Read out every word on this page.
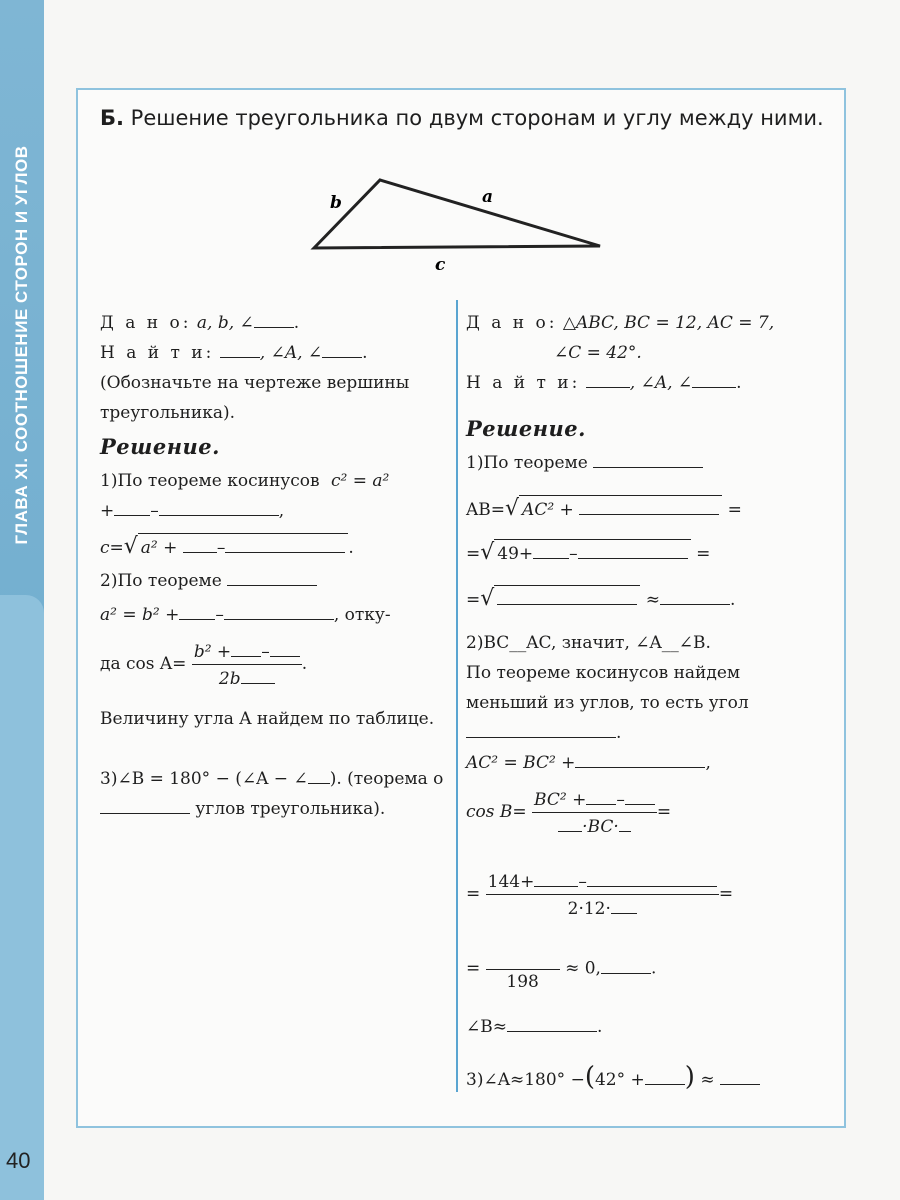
ГЛАВА XI. СООТНОШЕНИЕ СТОРОН И УГЛОВ
40
Б. Решение треугольника по двум сторонам и углу между ними.
b	a
c
Д а н о: a, b, ∠ .
Н а й т и:	, ∠A, ∠ .
(Обозначьте на чертеже вершины треугольника).
Решение.
1)По теореме косинусов c² = a²
+ –	,
c=√ a² + –	.
2)По теореме
a² = b² + –	, отку-
да $\cos A= \frac{\text{b² + –}}{2b}$ .
Величину угла A найдем по таблице.
3)∠B = 180° − (∠A − ∠ ). (теорема о
углов треугольника).
Д а н о: △ABC, BC = 12, AC = 7,
∠C = 42°.
Н а й т и:	, ∠A, ∠	.
Решение.
1)По теореме
AB=√ AC² +	=
=√ 49+ –	=
=√	≈	.
2)BC__AC, значит, ∠A__∠B.
По теореме косинусов найдем
меньший из углов, то есть угол
.
AC² = BC² +	,
$\cos B= \frac{\text{BC² + –}}{\cdot BC\cdot}$ =
= 144+	–
2·12· =
=
198
≈ 0,	.
∠B≈	.
3)∠A≈180° −(42° + ) ≈
